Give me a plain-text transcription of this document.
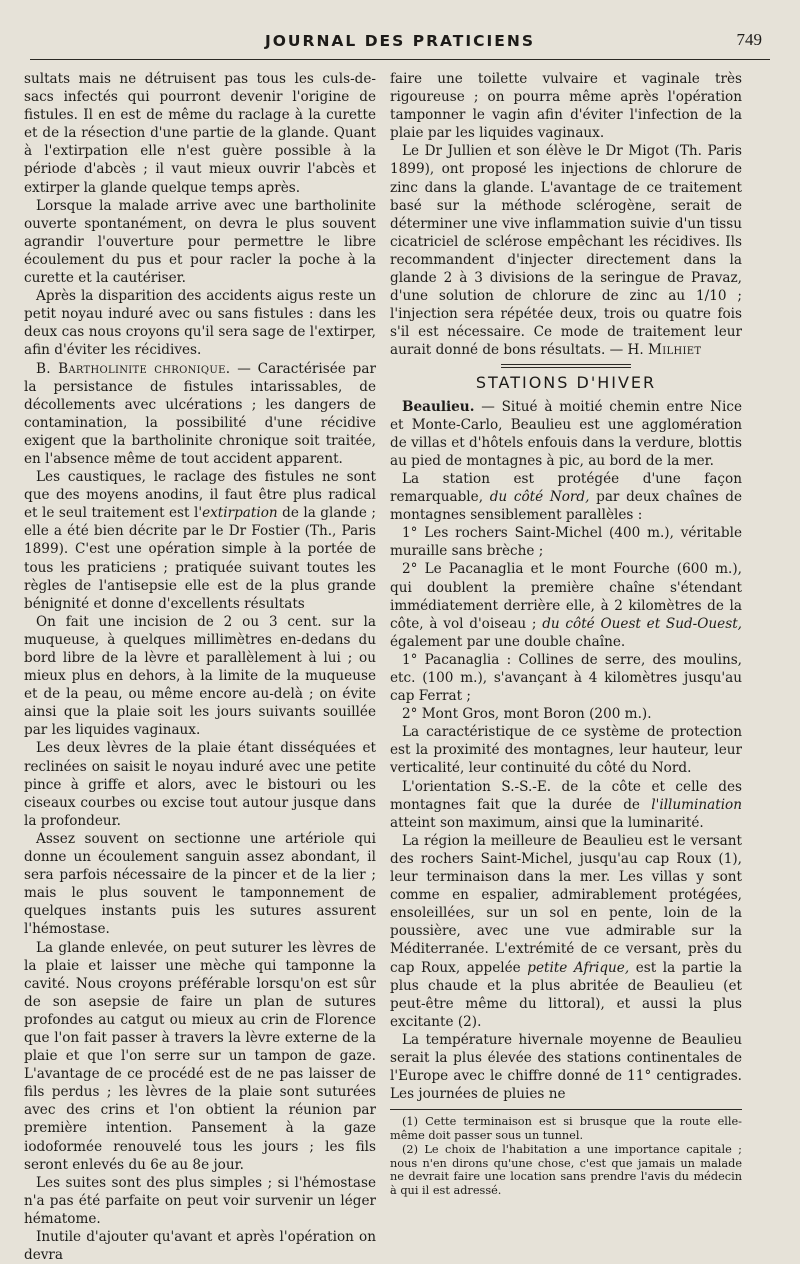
JOURNAL DES PRATICIENS	749

sultats mais ne détruisent pas tous les culs-de-sacs infectés qui pourront devenir l'origine de fistules. Il en est de même du raclage à la curette et de la résection d'une partie de la glande. Quant à l'extirpation elle n'est guère possible à la période d'abcès ; il vaut mieux ouvrir l'abcès et extirper la glande quelque temps après.

Lorsque la malade arrive avec une bartholinite ouverte spontanément, on devra le plus souvent agrandir l'ouverture pour permettre le libre écoulement du pus et pour racler la poche à la curette et la cautériser.

Après la disparition des accidents aigus reste un petit noyau induré avec ou sans fistules : dans les deux cas nous croyons qu'il sera sage de l'extirper, afin d'éviter les récidives.

B. Bartholinite chronique. — Caractérisée par la persistance de fistules intarissables, de décollements avec ulcérations ; les dangers de contamination, la possibilité d'une récidive exigent que la bartholinite chronique soit traitée, en l'absence même de tout accident apparent.

Les caustiques, le raclage des fistules ne sont que des moyens anodins, il faut être plus radical et le seul traitement est l'extirpation de la glande ; elle a été bien décrite par le Dr Fostier (Th., Paris 1899). C'est une opération simple à la portée de tous les praticiens ; pratiquée suivant toutes les règles de l'antisepsie elle est de la plus grande bénignité et donne d'excellents résultats

On fait une incision de 2 ou 3 cent. sur la muqueuse, à quelques millimètres en-dedans du bord libre de la lèvre et parallèlement à lui ; ou mieux plus en dehors, à la limite de la muqueuse et de la peau, ou même encore au-delà ; on évite ainsi que la plaie soit les jours suivants souillée par les liquides vaginaux.

Les deux lèvres de la plaie étant disséquées et reclinées on saisit le noyau induré avec une petite pince à griffe et alors, avec le bistouri ou les ciseaux courbes ou excise tout autour jusque dans la profondeur.

Assez souvent on sectionne une artériole qui donne un écoulement sanguin assez abondant, il sera parfois nécessaire de la pincer et de la lier ; mais le plus souvent le tamponnement de quelques instants puis les sutures assurent l'hémostase.

La glande enlevée, on peut suturer les lèvres de la plaie et laisser une mèche qui tamponne la cavité. Nous croyons préférable lorsqu'on est sûr de son asepsie de faire un plan de sutures profondes au catgut ou mieux au crin de Florence que l'on fait passer à travers la lèvre externe de la plaie et que l'on serre sur un tampon de gaze. L'avantage de ce procédé est de ne pas laisser de fils perdus ; les lèvres de la plaie sont suturées avec des crins et l'on obtient la réunion par première intention. Pansement à la gaze iodoformée renouvelé tous les jours ; les fils seront enlevés du 6e au 8e jour.

Les suites sont des plus simples ; si l'hémostase n'a pas été parfaite on peut voir survenir un léger hématome.

Inutile d'ajouter qu'avant et après l'opération on devra

faire une toilette vulvaire et vaginale très rigoureuse ; on pourra même après l'opération tamponner le vagin afin d'éviter l'infection de la plaie par les liquides vaginaux.

Le Dr Jullien et son élève le Dr Migot (Th. Paris 1899), ont proposé les injections de chlorure de zinc dans la glande. L'avantage de ce traitement basé sur la méthode sclérogène, serait de déterminer une vive inflammation suivie d'un tissu cicatriciel de sclérose empêchant les récidives. Ils recommandent d'injecter directement dans la glande 2 à 3 divisions de la seringue de Pravaz, d'une solution de chlorure de zinc au 1/10 ; l'injection sera répétée deux, trois ou quatre fois s'il est nécessaire. Ce mode de traitement leur aurait donné de bons résultats. — H. Milhiet

STATIONS D'HIVER

Beaulieu. — Situé à moitié chemin entre Nice et Monte-Carlo, Beaulieu est une agglomération de villas et d'hôtels enfouis dans la verdure, blottis au pied de montagnes à pic, au bord de la mer.

La station est protégée d'une façon remarquable, du côté Nord, par deux chaînes de montagnes sensiblement parallèles :

1° Les rochers Saint-Michel (400 m.), véritable muraille sans brèche ;

2° Le Pacanaglia et le mont Fourche (600 m.), qui doublent la première chaîne s'étendant immédiatement derrière elle, à 2 kilomètres de la côte, à vol d'oiseau ; du côté Ouest et Sud-Ouest, également par une double chaîne.

1° Pacanaglia : Collines de serre, des moulins, etc. (100 m.), s'avançant à 4 kilomètres jusqu'au cap Ferrat ;

2° Mont Gros, mont Boron (200 m.).

La caractéristique de ce système de protection est la proximité des montagnes, leur hauteur, leur verticalité, leur continuité du côté du Nord.

L'orientation S.-S.-E. de la côte et celle des montagnes fait que la durée de l'illumination atteint son maximum, ainsi que la luminarité.

La région la meilleure de Beaulieu est le versant des rochers Saint-Michel, jusqu'au cap Roux (1), leur terminaison dans la mer. Les villas y sont comme en espalier, admirablement protégées, ensoleillées, sur un sol en pente, loin de la poussière, avec une vue admirable sur la Méditerranée. L'extrémité de ce versant, près du cap Roux, appelée petite Afrique, est la partie la plus chaude et la plus abritée de Beaulieu (et peut-être même du littoral), et aussi la plus excitante (2).

La température hivernale moyenne de Beaulieu serait la plus élevée des stations continentales de l'Europe avec le chiffre donné de 11° centigrades. Les journées de pluies ne

(1) Cette terminaison est si brusque que la route elle-même doit passer sous un tunnel.

(2) Le choix de l'habitation a une importance capitale ; nous n'en dirons qu'une chose, c'est que jamais un malade ne devrait faire une location sans prendre l'avis du médecin à qui il est adressé.
